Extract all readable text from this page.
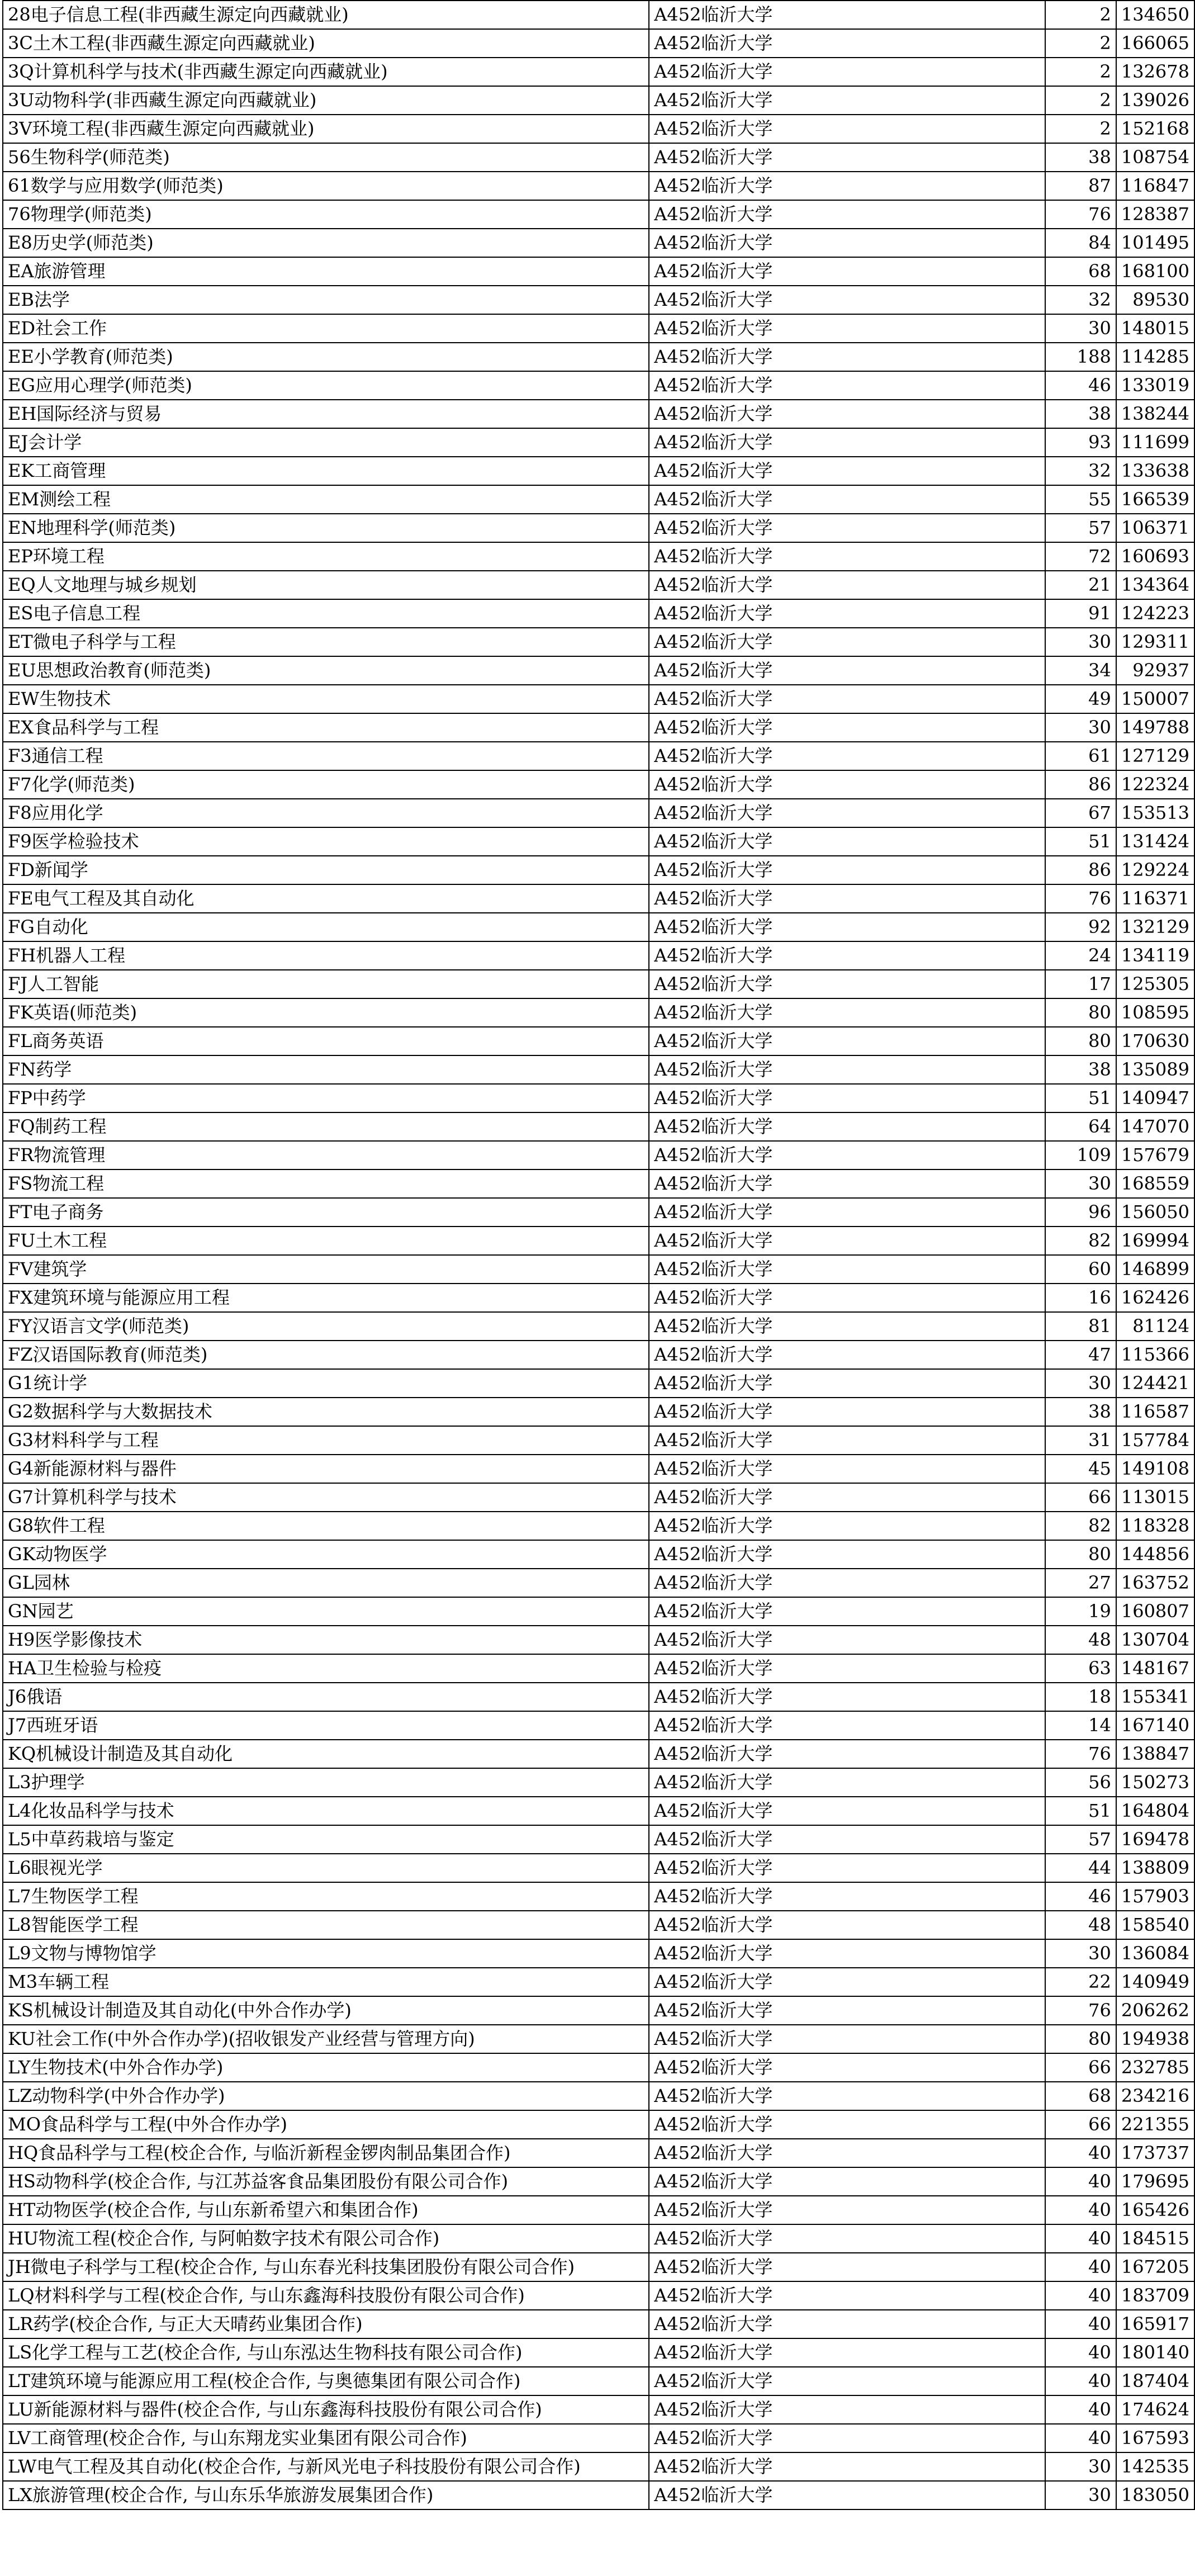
28电子信息工程(非西藏生源定向西藏就业)	A452临沂大学	2	134650
3C土木工程(非西藏生源定向西藏就业)	A452临沂大学	2	166065
3Q计算机科学与技术(非西藏生源定向西藏就业)	A452临沂大学	2	132678
3U动物科学(非西藏生源定向西藏就业)	A452临沂大学	2	139026
3V环境工程(非西藏生源定向西藏就业)	A452临沂大学	2	152168
56生物科学(师范类)	A452临沂大学	38	108754
61数学与应用数学(师范类)	A452临沂大学	87	116847
76物理学(师范类)	A452临沂大学	76	128387
E8历史学(师范类)	A452临沂大学	84	101495
EA旅游管理	A452临沂大学	68	168100
EB法学	A452临沂大学	32	89530
ED社会工作	A452临沂大学	30	148015
EE小学教育(师范类)	A452临沂大学	188	114285
EG应用心理学(师范类)	A452临沂大学	46	133019
EH国际经济与贸易	A452临沂大学	38	138244
EJ会计学	A452临沂大学	93	111699
EK工商管理	A452临沂大学	32	133638
EM测绘工程	A452临沂大学	55	166539
EN地理科学(师范类)	A452临沂大学	57	106371
EP环境工程	A452临沂大学	72	160693
EQ人文地理与城乡规划	A452临沂大学	21	134364
ES电子信息工程	A452临沂大学	91	124223
ET微电子科学与工程	A452临沂大学	30	129311
EU思想政治教育(师范类)	A452临沂大学	34	92937
EW生物技术	A452临沂大学	49	150007
EX食品科学与工程	A452临沂大学	30	149788
F3通信工程	A452临沂大学	61	127129
F7化学(师范类)	A452临沂大学	86	122324
F8应用化学	A452临沂大学	67	153513
F9医学检验技术	A452临沂大学	51	131424
FD新闻学	A452临沂大学	86	129224
FE电气工程及其自动化	A452临沂大学	76	116371
FG自动化	A452临沂大学	92	132129
FH机器人工程	A452临沂大学	24	134119
FJ人工智能	A452临沂大学	17	125305
FK英语(师范类)	A452临沂大学	80	108595
FL商务英语	A452临沂大学	80	170630
FN药学	A452临沂大学	38	135089
FP中药学	A452临沂大学	51	140947
FQ制药工程	A452临沂大学	64	147070
FR物流管理	A452临沂大学	109	157679
FS物流工程	A452临沂大学	30	168559
FT电子商务	A452临沂大学	96	156050
FU土木工程	A452临沂大学	82	169994
FV建筑学	A452临沂大学	60	146899
FX建筑环境与能源应用工程	A452临沂大学	16	162426
FY汉语言文学(师范类)	A452临沂大学	81	81124
FZ汉语国际教育(师范类)	A452临沂大学	47	115366
G1统计学	A452临沂大学	30	124421
G2数据科学与大数据技术	A452临沂大学	38	116587
G3材料科学与工程	A452临沂大学	31	157784
G4新能源材料与器件	A452临沂大学	45	149108
G7计算机科学与技术	A452临沂大学	66	113015
G8软件工程	A452临沂大学	82	118328
GK动物医学	A452临沂大学	80	144856
GL园林	A452临沂大学	27	163752
GN园艺	A452临沂大学	19	160807
H9医学影像技术	A452临沂大学	48	130704
HA卫生检验与检疫	A452临沂大学	63	148167
J6俄语	A452临沂大学	18	155341
J7西班牙语	A452临沂大学	14	167140
KQ机械设计制造及其自动化	A452临沂大学	76	138847
L3护理学	A452临沂大学	56	150273
L4化妆品科学与技术	A452临沂大学	51	164804
L5中草药栽培与鉴定	A452临沂大学	57	169478
L6眼视光学	A452临沂大学	44	138809
L7生物医学工程	A452临沂大学	46	157903
L8智能医学工程	A452临沂大学	48	158540
L9文物与博物馆学	A452临沂大学	30	136084
M3车辆工程	A452临沂大学	22	140949
KS机械设计制造及其自动化(中外合作办学)	A452临沂大学	76	206262
KU社会工作(中外合作办学)(招收银发产业经营与管理方向)	A452临沂大学	80	194938
LY生物技术(中外合作办学)	A452临沂大学	66	232785
LZ动物科学(中外合作办学)	A452临沂大学	68	234216
MO食品科学与工程(中外合作办学)	A452临沂大学	66	221355
HQ食品科学与工程(校企合作, 与临沂新程金锣肉制品集团合作)	A452临沂大学	40	173737
HS动物科学(校企合作, 与江苏益客食品集团股份有限公司合作)	A452临沂大学	40	179695
HT动物医学(校企合作, 与山东新希望六和集团合作)	A452临沂大学	40	165426
HU物流工程(校企合作, 与阿帕数字技术有限公司合作)	A452临沂大学	40	184515
JH微电子科学与工程(校企合作, 与山东春光科技集团股份有限公司合作)	A452临沂大学	40	167205
LQ材料科学与工程(校企合作, 与山东鑫海科技股份有限公司合作)	A452临沂大学	40	183709
LR药学(校企合作, 与正大天晴药业集团合作)	A452临沂大学	40	165917
LS化学工程与工艺(校企合作, 与山东泓达生物科技有限公司合作)	A452临沂大学	40	180140
LT建筑环境与能源应用工程(校企合作, 与奥德集团有限公司合作)	A452临沂大学	40	187404
LU新能源材料与器件(校企合作, 与山东鑫海科技股份有限公司合作)	A452临沂大学	40	174624
LV工商管理(校企合作, 与山东翔龙实业集团有限公司合作)	A452临沂大学	40	167593
LW电气工程及其自动化(校企合作, 与新风光电子科技股份有限公司合作)	A452临沂大学	30	142535
LX旅游管理(校企合作, 与山东乐华旅游发展集团合作)	A452临沂大学	30	183050
